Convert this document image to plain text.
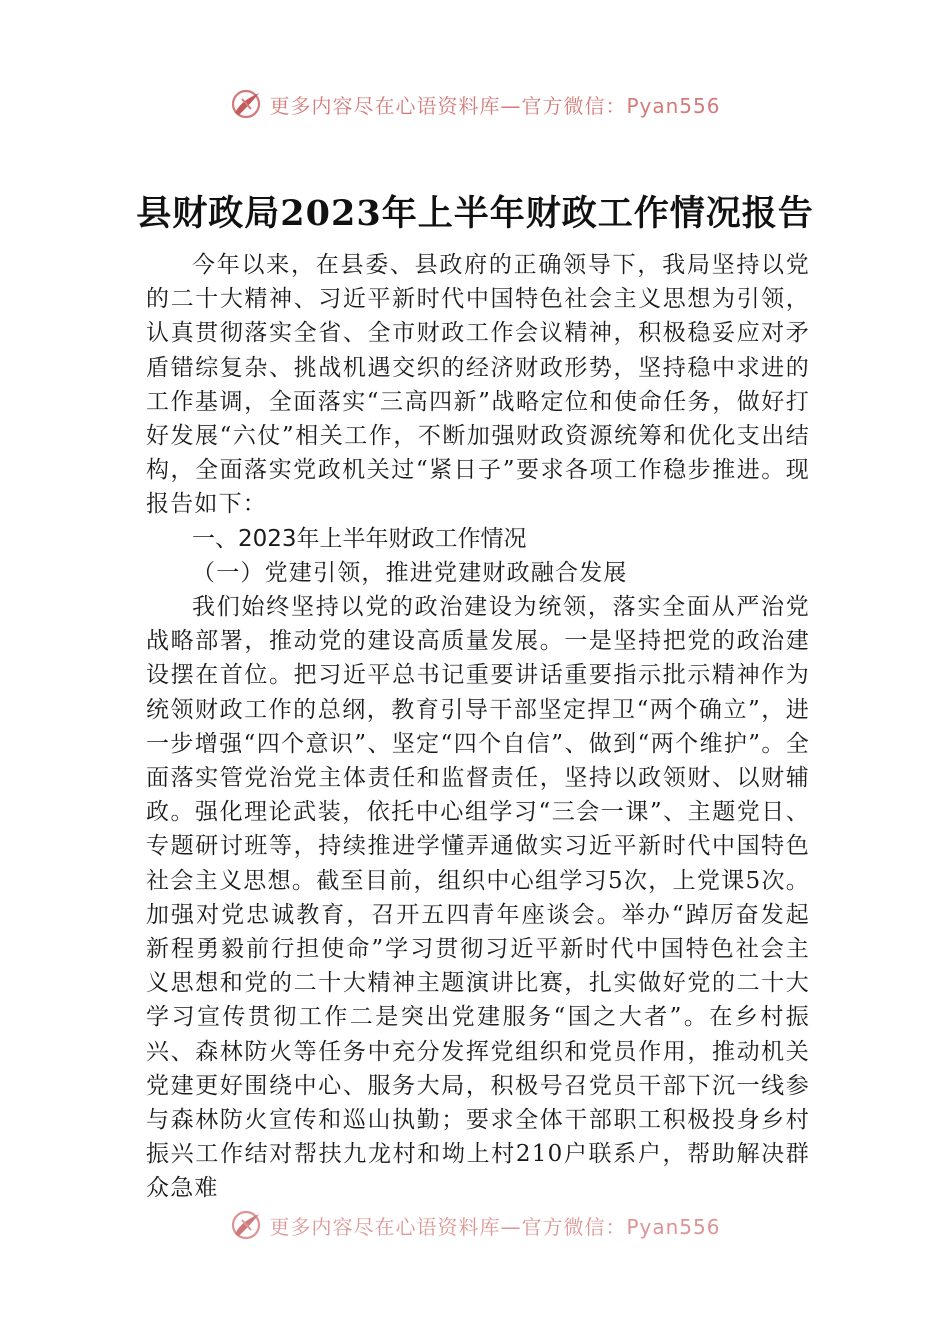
更多内容尽在心语资料库—官方微信：Pyan556
县财政局2023年上半年财政工作情况报告

今年以来，在县委、县政府的正确领导下，我局坚持以党的二十大精神、习近平新时代中国特色社会主义思想为引领，认真贯彻落实全省、全市财政工作会议精神，积极稳妥应对矛盾错综复杂、挑战机遇交织的经济财政形势，坚持稳中求进的工作基调，全面落实“三高四新”战略定位和使命任务，做好打好发展“六仗”相关工作，不断加强财政资源统筹和优化支出结构，全面落实党政机关过“紧日子”要求各项工作稳步推进。现报告如下：

一、2023年上半年财政工作情况

（一）党建引领，推进党建财政融合发展

我们始终坚持以党的政治建设为统领，落实全面从严治党战略部署，推动党的建设高质量发展。一是坚持把党的政治建设摆在首位。把习近平总书记重要讲话重要指示批示精神作为统领财政工作的总纲，教育引导干部坚定捍卫“两个确立”，进一步增强“四个意识”、坚定“四个自信”、做到“两个维护”。全面落实管党治党主体责任和监督责任，坚持以政领财、以财辅政。强化理论武装，依托中心组学习“三会一课”、主题党日、专题研讨班等，持续推进学懂弄通做实习近平新时代中国特色社会主义思想。截至目前，组织中心组学习5次，上党课5次。加强对党忠诚教育，召开五四青年座谈会。举办“踔厉奋发起新程勇毅前行担使命”学习贯彻习近平新时代中国特色社会主义思想和党的二十大精神主题演讲比赛，扎实做好党的二十大学习宣传贯彻工作二是突出党建服务“国之大者”。在乡村振兴、森林防火等任务中充分发挥党组织和党员作用，推动机关党建更好围绕中心、服务大局，积极号召党员干部下沉一线参与森林防火宣传和巡山执勤；要求全体干部职工积极投身乡村振兴工作结对帮扶九龙村和坳上村210户联系户，帮助解决群众急难

更多内容尽在心语资料库—官方微信：Pyan556
